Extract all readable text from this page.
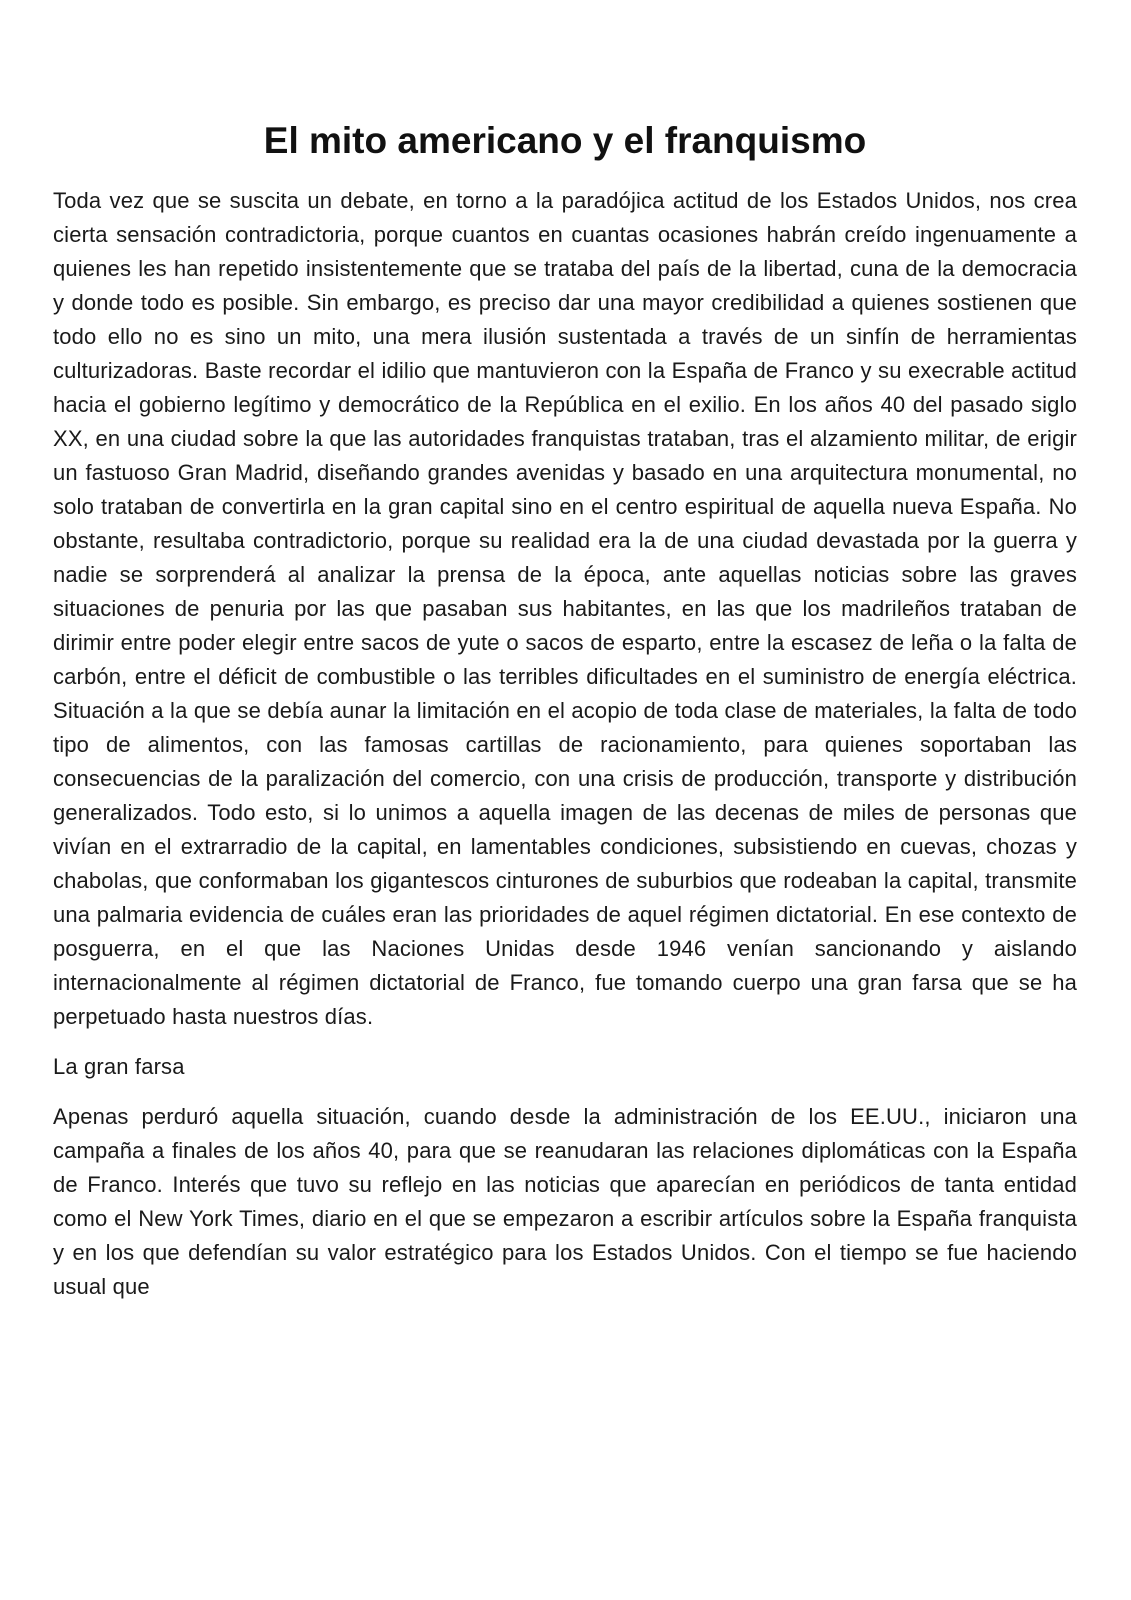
El mito americano y el franquismo

Toda vez que se suscita un debate, en torno a la paradójica actitud de los Estados Unidos, nos crea cierta sensación contradictoria, porque cuantos en cuantas ocasiones habrán creído ingenuamente a quienes les han repetido insistentemente que se trataba del país de la libertad, cuna de la democracia y donde todo es posible. Sin embargo, es preciso dar una mayor credibilidad a quienes sostienen que todo ello no es sino un mito, una mera ilusión sustentada a través de un sinfín de herramientas culturizadoras. Baste recordar el idilio que mantuvieron con la España de Franco y su execrable actitud hacia el gobierno legítimo y democrático de la República en el exilio. En los años 40 del pasado siglo XX, en una ciudad sobre la que las autoridades franquistas trataban, tras el alzamiento militar, de erigir un fastuoso Gran Madrid, diseñando grandes avenidas y basado en una arquitectura monumental, no solo trataban de convertirla en la gran capital sino en el centro espiritual de aquella nueva España. No obstante, resultaba contradictorio, porque su realidad era la de una ciudad devastada por la guerra y nadie se sorprenderá al analizar la prensa de la época, ante aquellas noticias sobre las graves situaciones de penuria por las que pasaban sus habitantes, en las que los madrileños trataban de dirimir entre poder elegir entre sacos de yute o sacos de esparto, entre la escasez de leña o la falta de carbón, entre el déficit de combustible o las terribles dificultades en el suministro de energía eléctrica. Situación a la que se debía aunar la limitación en el acopio de toda clase de materiales, la falta de todo tipo de alimentos, con las famosas cartillas de racionamiento, para quienes soportaban las consecuencias de la paralización del comercio, con una crisis de producción, transporte y distribución generalizados. Todo esto, si lo unimos a aquella imagen de las decenas de miles de personas que vivían en el extrarradio de la capital, en lamentables condiciones, subsistiendo en cuevas, chozas y chabolas, que conformaban los gigantescos cinturones de suburbios que rodeaban la capital, transmite una palmaria evidencia de cuáles eran las prioridades de aquel régimen dictatorial. En ese contexto de posguerra, en el que las Naciones Unidas desde 1946 venían sancionando y aislando internacionalmente al régimen dictatorial de Franco, fue tomando cuerpo una gran farsa que se ha perpetuado hasta nuestros días.

La gran farsa

Apenas perduró aquella situación, cuando desde la administración de los EE.UU., iniciaron una campaña a finales de los años 40, para que se reanudaran las relaciones diplomáticas con la España de Franco. Interés que tuvo su reflejo en las noticias que aparecían en periódicos de tanta entidad como el New York Times, diario en el que se empezaron a escribir artículos sobre la España franquista y en los que defendían su valor estratégico para los Estados Unidos. Con el tiempo se fue haciendo usual que
